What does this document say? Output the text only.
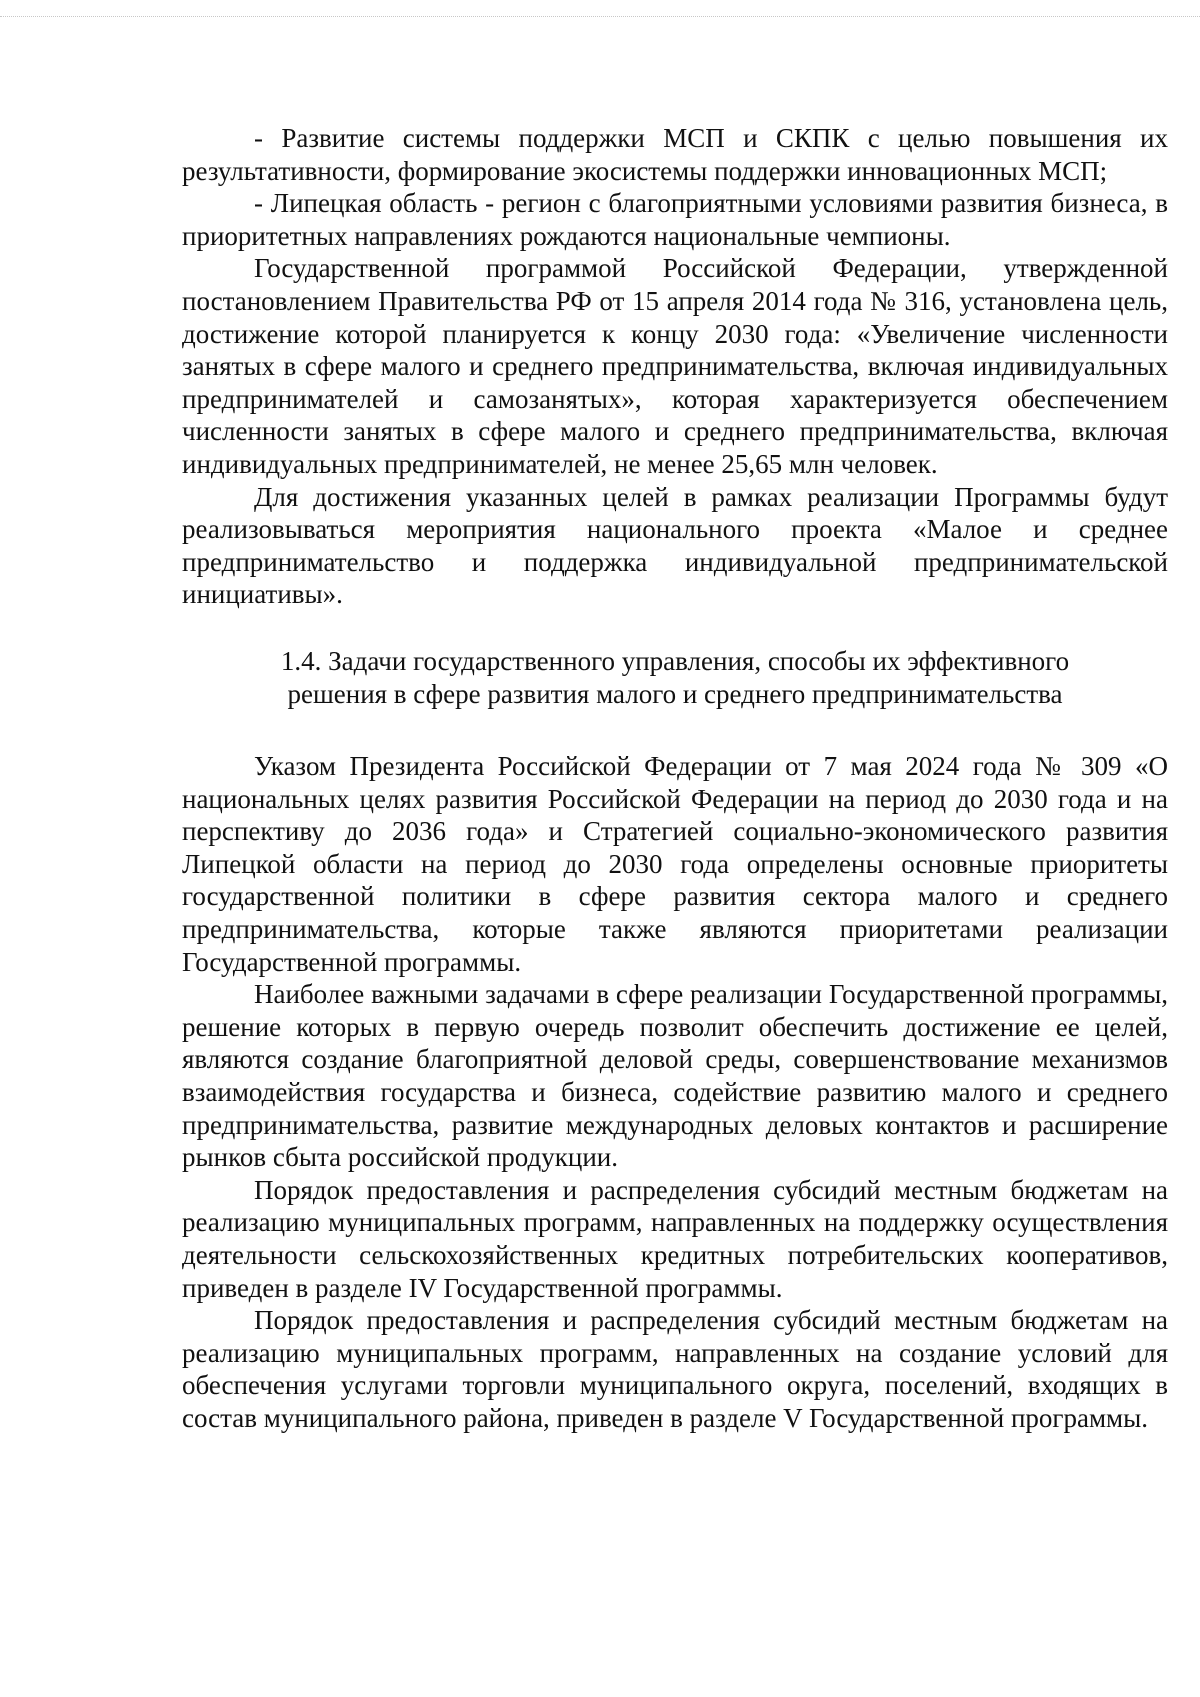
- Развитие системы поддержки МСП и СКПК с целью повышения их результативности, формирование экосистемы поддержки инновационных МСП;

- Липецкая область - регион с благоприятными условиями развития бизнеса, в приоритетных направлениях рождаются национальные чемпионы.

Государственной программой Российской Федерации, утвержденной постановлением Правительства РФ от 15 апреля 2014 года № 316, установлена цель, достижение которой планируется к концу 2030 года: «Увеличение численности занятых в сфере малого и среднего предпринимательства, включая индивидуальных предпринимателей и самозанятых», которая характеризуется обеспечением численности занятых в сфере малого и среднего предпринимательства, включая индивидуальных предпринимателей, не менее 25,65 млн человек.

Для достижения указанных целей в рамках реализации Программы будут реализовываться мероприятия национального проекта «Малое и среднее предпринимательство и поддержка индивидуальной предпринимательской инициативы».

1.4. Задачи государственного управления, способы их эффективного
решения в сфере развития малого и среднего предпринимательства

Указом Президента Российской Федерации от 7 мая 2024 года № 309 «О национальных целях развития Российской Федерации на период до 2030 года и на перспективу до 2036 года» и Стратегией социально-экономического развития Липецкой области на период до 2030 года определены основные приоритеты государственной политики в сфере развития сектора малого и среднего предпринимательства, которые также являются приоритетами реализации Государственной программы.

Наиболее важными задачами в сфере реализации Государственной программы, решение которых в первую очередь позволит обеспечить достижение ее целей, являются создание благоприятной деловой среды, совершенствование механизмов взаимодействия государства и бизнеса, содействие развитию малого и среднего предпринимательства, развитие международных деловых контактов и расширение рынков сбыта российской продукции.

Порядок предоставления и распределения субсидий местным бюджетам на реализацию муниципальных программ, направленных на поддержку осуществления деятельности сельскохозяйственных кредитных потребительских кооперативов, приведен в разделе IV Государственной программы.

Порядок предоставления и распределения субсидий местным бюджетам на реализацию муниципальных программ, направленных на создание условий для обеспечения услугами торговли муниципального округа, поселений, входящих в состав муниципального района, приведен в разделе V Государственной программы.
